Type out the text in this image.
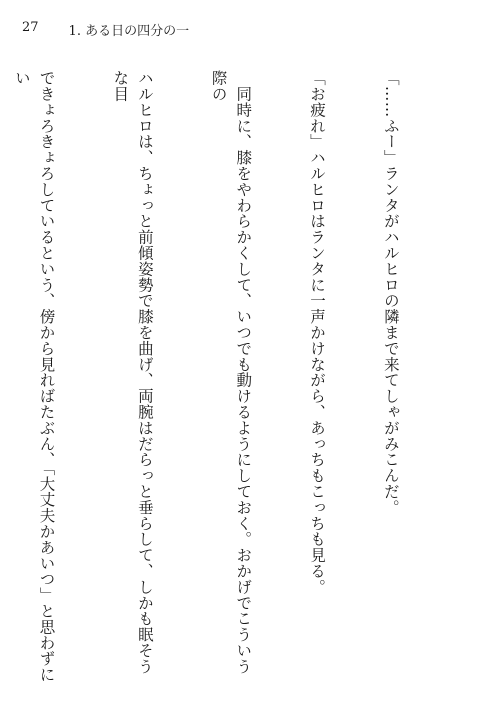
27 1. ある日の四分の一

「……ふー」ランタがハルヒロの隣まで来てしゃがみこんだ。

「お疲れ」ハルヒロはランタに一声かけながら、あっちもこっちも見る。

　同時に、膝をやわらかくして、いつでも動けるようにしておく。おかげでこういう際の

ハルヒロは、ちょっと前傾姿勢で膝を曲げ、両腕はだらっと垂らして、しかも眠そうな目

できょろきょろしているという、傍から見ればたぶん、「大丈夫かあいつ」と思わずにい
